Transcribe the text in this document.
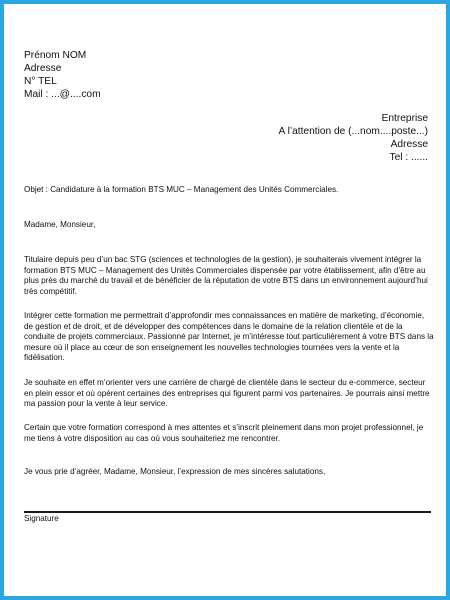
Prénom NOM
Adresse
N° TEL
Mail : ...@....com
Entreprise
A l’attention de (...nom....poste...)
Adresse
Tel : ......
Objet : Candidature à la formation BTS MUC – Management des Unités Commerciales.
Madame, Monsieur,
Titulaire depuis peu d’un bac STG (sciences et technologies de la gestion), je souhaiterais vivement intégrer la formation BTS MUC – Management des Unités Commerciales dispensée par votre établissement, afin d’être au plus près du marché du travail et de bénéficier de la réputation de votre BTS dans un environnement aujourd’hui très compétitif.
Intégrer cette formation me permettrait d’approfondir mes connaissances en matière de marketing, d’économie, de gestion et de droit, et de développer des compétences dans le domaine de la relation clientèle et de la conduite de projets commerciaux. Passionné par Internet, je m’intéresse tout particulièrement à votre BTS dans la mesure où il place au cœur de son enseignement les nouvelles technologies tournées vers la vente et la fidélisation.
Je souhaite en effet m’orienter vers une carrière de chargé de clientèle dans le secteur du e-commerce, secteur en plein essor et où opèrent certaines des entreprises qui figurent parmi vos partenaires. Je pourrais ainsi mettre ma passion pour la vente à leur service.
Certain que votre formation correspond à mes attentes et s’inscrit pleinement dans mon projet professionnel, je me tiens à votre disposition au cas où vous souhaiteriez me rencontrer.
Je vous prie d’agréer, Madame, Monsieur, l’expression de mes sincères salutations,
Signature
